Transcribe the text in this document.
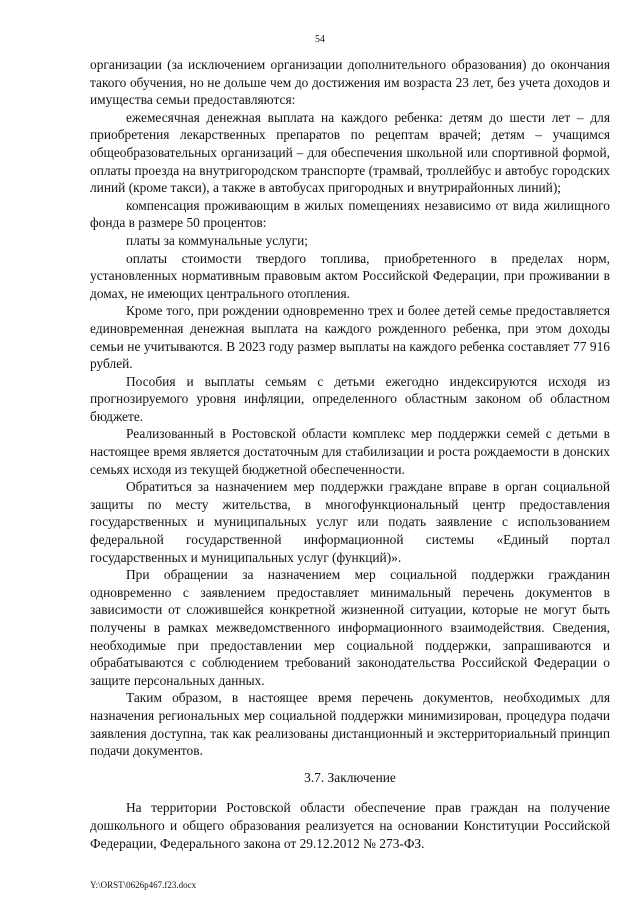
54

организации (за исключением организации дополнительного образования) до окончания такого обучения, но не дольше чем до достижения им возраста 23 лет, без учета доходов и имущества семьи предоставляются:

ежемесячная денежная выплата на каждого ребенка: детям до шести лет – для приобретения лекарственных препаратов по рецептам врачей; детям – учащимся общеобразовательных организаций – для обеспечения школьной или спортивной формой, оплаты проезда на внутригородском транспорте (трамвай, троллейбус и автобус городских линий (кроме такси), а также в автобусах пригородных и внутрирайонных линий);

компенсация проживающим в жилых помещениях независимо от вида жилищного фонда в размере 50 процентов:

платы за коммунальные услуги;

оплаты стоимости твердого топлива, приобретенного в пределах норм, установленных нормативным правовым актом Российской Федерации, при проживании в домах, не имеющих центрального отопления.

Кроме того, при рождении одновременно трех и более детей семье предоставляется единовременная денежная выплата на каждого рожденного ребенка, при этом доходы семьи не учитываются. В 2023 году размер выплаты на каждого ребенка составляет 77 916 рублей.

Пособия и выплаты семьям с детьми ежегодно индексируются исходя из прогнозируемого уровня инфляции, определенного областным законом об областном бюджете.

Реализованный в Ростовской области комплекс мер поддержки семей с детьми в настоящее время является достаточным для стабилизации и роста рождаемости в донских семьях исходя из текущей бюджетной обеспеченности.

Обратиться за назначением мер поддержки граждане вправе в орган социальной защиты по месту жительства, в многофункциональный центр предоставления государственных и муниципальных услуг или подать заявление с использованием федеральной государственной информационной системы «Единый портал государственных и муниципальных услуг (функций)».

При обращении за назначением мер социальной поддержки гражданин одновременно с заявлением предоставляет минимальный перечень документов в зависимости от сложившейся конкретной жизненной ситуации, которые не могут быть получены в рамках межведомственного информационного взаимодействия. Сведения, необходимые при предоставлении мер социальной поддержки, запрашиваются и обрабатываются с соблюдением требований законодательства Российской Федерации о защите персональных данных.

Таким образом, в настоящее время перечень документов, необходимых для назначения региональных мер социальной поддержки минимизирован, процедура подачи заявления доступна, так как реализованы дистанционный и экстерриториальный принцип подачи документов.

3.7. Заключение

На территории Ростовской области обеспечение прав граждан на получение дошкольного и общего образования реализуется на основании Конституции Российской Федерации, Федерального закона от 29.12.2012 № 273-ФЗ.

Y:\ORST\0626p467.f23.docx
